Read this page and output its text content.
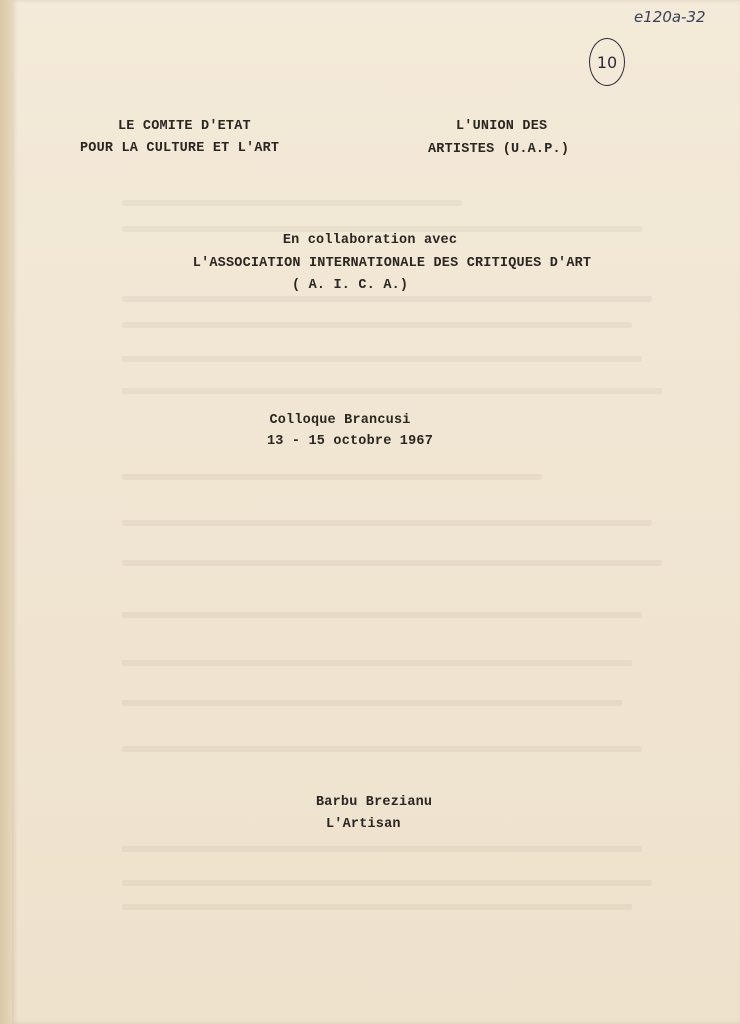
e120a-32
10
LE COMITE D'ETAT
POUR LA CULTURE ET L'ART
L'UNION DES
ARTISTES (U.A.P.)
En collaboration avec
L'ASSOCIATION INTERNATIONALE DES CRITIQUES D'ART
( A. I. C. A.)
Colloque Brancusi
13 - 15 octobre 1967
Barbu Brezianu
L'Artisan
